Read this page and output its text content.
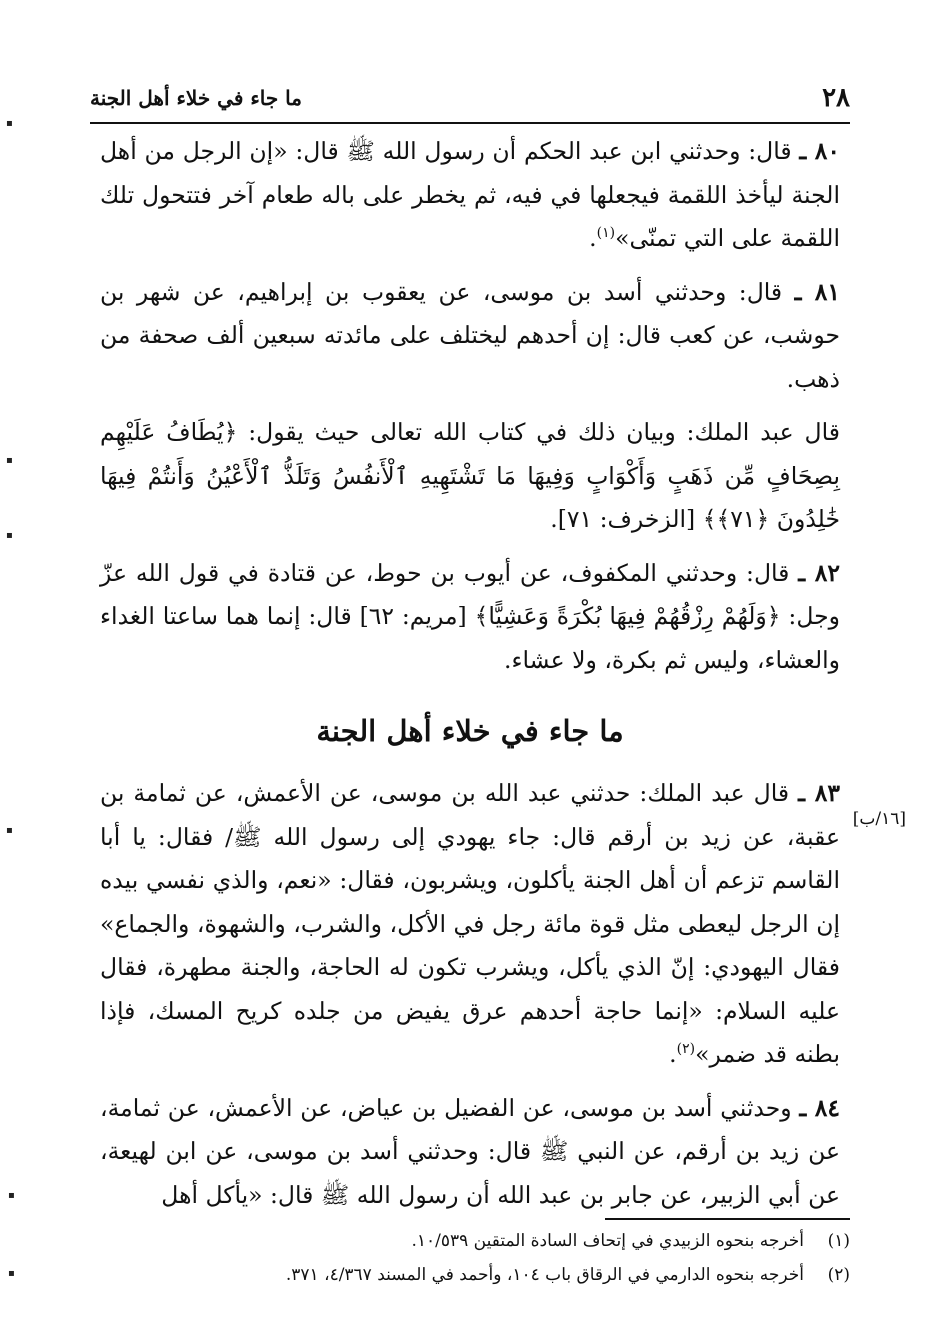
٢٨
ما جاء في خلاء أهل الجنة

٨٠ ـ قال: وحدثني ابن عبد الحكم أن رسول الله ﷺ قال: «إن الرجل من أهل الجنة ليأخذ اللقمة فيجعلها في فيه، ثم يخطر على باله طعام آخر فتتحول تلك اللقمة على التي تمنّى»$^{(١)}$.

٨١ ـ قال: وحدثني أسد بن موسى، عن يعقوب بن إبراهيم، عن شهر بن حوشب، عن كعب قال: إن أحدهم ليختلف على مائدته سبعين ألف صحفة من ذهب.

قال عبد الملك: وبيان ذلك في كتاب الله تعالى حيث يقول: ﴿يُطَافُ عَلَيْهِم بِصِحَافٍ مِّن ذَهَبٍ وَأَكْوَابٍ وَفِيهَا مَا تَشْتَهِيهِ ٱلْأَنفُسُ وَتَلَذُّ ٱلْأَعْيُنُ وَأَنتُمْ فِيهَا خَٰلِدُونَ ﴿٧١﴾﴾ [الزخرف: ٧١].

٨٢ ـ قال: وحدثني المكفوف، عن أيوب بن حوط، عن قتادة في قول الله عزّ وجل: ﴿وَلَهُمْ رِزْقُهُمْ فِيهَا بُكْرَةً وَعَشِيًّا﴾ [مريم: ٦٢] قال: إنما هما ساعتا الغداء والعشاء، وليس ثم بكرة، ولا عشاء.

ما جاء في خلاء أهل الجنة

٨٣ ـ قال عبد الملك: حدثني عبد الله بن موسى، عن الأعمش، عن ثمامة بن عقبة، عن زيد بن أرقم قال: جاء يهودي إلى رسول الله ﷺ/ فقال: يا أبا القاسم تزعم أن أهل الجنة يأكلون، ويشربون، فقال: «نعم، والذي نفسي بيده إن الرجل ليعطى مثل قوة مائة رجل في الأكل، والشرب، والشهوة، والجماع» فقال اليهودي: إنّ الذي يأكل، ويشرب تكون له الحاجة، والجنة مطهرة، فقال عليه السلام: «إنما حاجة أحدهم عرق يفيض من جلده كريح المسك، فإذا بطنه قد ضمر»$^{(٢)}$.

٨٤ ـ وحدثني أسد بن موسى، عن الفضيل بن عياض، عن الأعمش، عن ثمامة، عن زيد بن أرقم، عن النبي ﷺ قال: وحدثني أسد بن موسى، عن ابن لهيعة، عن أبي الزبير، عن جابر بن عبد الله أن رسول الله ﷺ قال: «يأكل أهل

[١٦/ب]
(١)
أخرجه بنحوه الزبيدي في إتحاف السادة المتقين ١٠/٥٣٩.
(٢)
أخرجه بنحوه الدارمي في الرقاق باب ١٠٤، وأحمد في المسند ٤/٣٦٧، ٣٧١.
▪
▪
▪
▪
▪
▪
